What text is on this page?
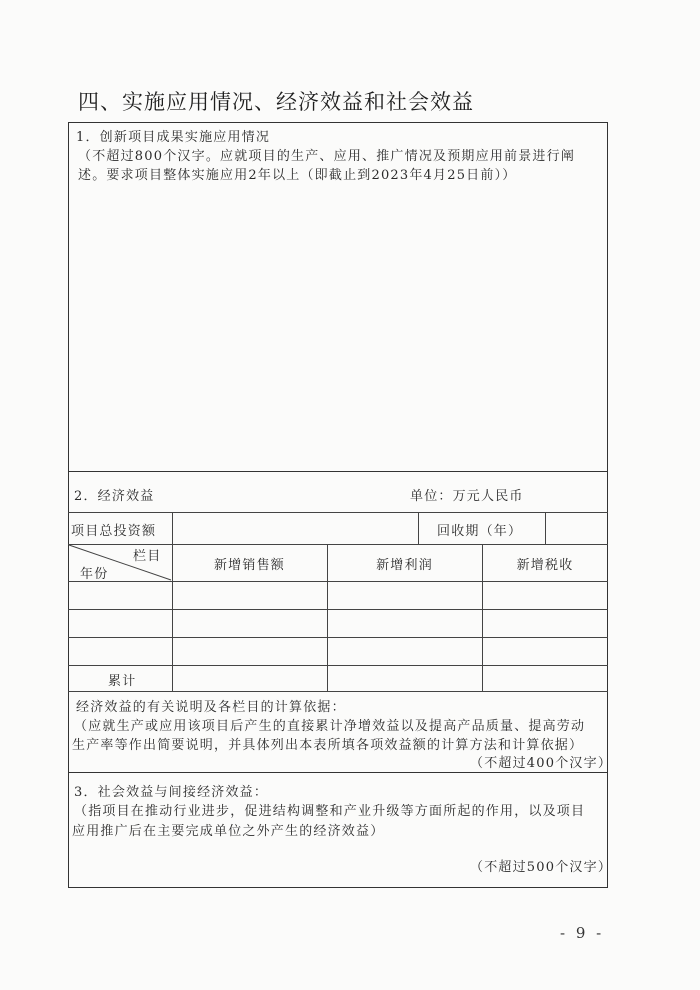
四、实施应用情况、经济效益和社会效益
1．创新项目成果实施应用情况
（不超过800个汉字。应就项目的生产、应用、推广情况及预期应用前景进行阐
述。要求项目整体实施应用2年以上（即截止到2023年4月25日前））
2．经济效益	单位：万元人民币
项目总投资额	回收期（年）
栏目
年份
新增销售额	新增利润	新增税收
累计
经济效益的有关说明及各栏目的计算依据：
（应就生产或应用该项目后产生的直接累计净增效益以及提高产品质量、提高劳动
生产率等作出简要说明，并具体列出本表所填各项效益额的计算方法和计算依据）
（不超过400个汉字）
3．社会效益与间接经济效益：
（指项目在推动行业进步，促进结构调整和产业升级等方面所起的作用，以及项目
应用推广后在主要完成单位之外产生的经济效益）
（不超过500个汉字）
- 9 -
